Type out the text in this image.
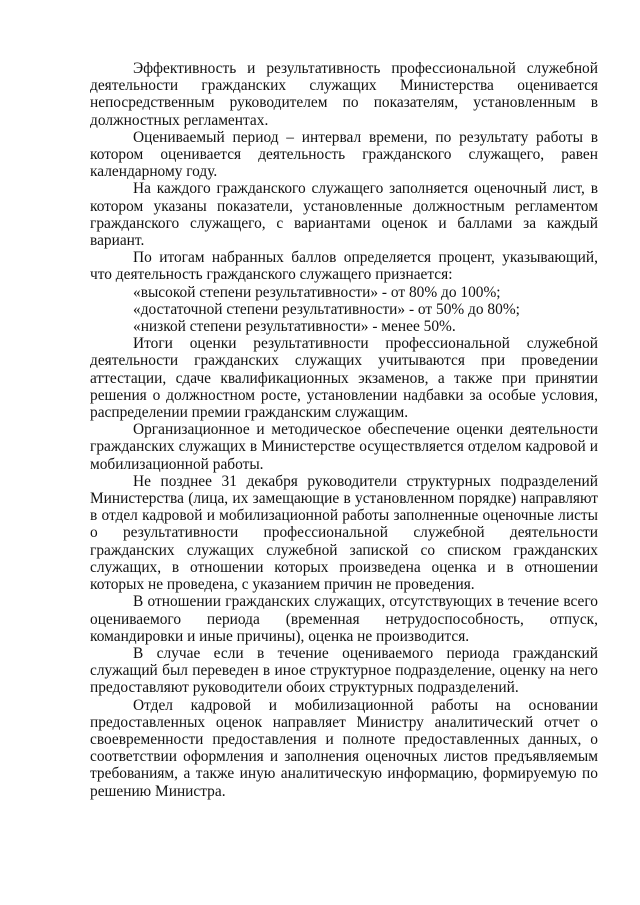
Эффективность и результативность профессиональной служебной деятельности гражданских служащих Министерства оценивается непосредственным руководителем по показателям, установленным в должностных регламентах.

Оцениваемый период – интервал времени, по результату работы в котором оценивается деятельность гражданского служащего, равен календарному году.

На каждого гражданского служащего заполняется оценочный лист, в котором указаны показатели, установленные должностным регламентом гражданского служащего, с вариантами оценок и баллами за каждый вариант.

По итогам набранных баллов определяется процент, указывающий, что деятельность гражданского служащего признается:

«высокой степени результативности» - от 80% до 100%;

«достаточной степени результативности» - от 50% до 80%;

«низкой степени результативности» - менее 50%.

Итоги оценки результативности профессиональной служебной деятельности гражданских служащих учитываются при проведении аттестации, сдаче квалификационных экзаменов, а также при принятии решения о должностном росте, установлении надбавки за особые условия, распределении премии гражданским служащим.

Организационное и методическое обеспечение оценки деятельности гражданских служащих в Министерстве осуществляется отделом кадровой и мобилизационной работы.

Не позднее 31 декабря руководители структурных подразделений Министерства (лица, их замещающие в установленном порядке) направляют в отдел кадровой и мобилизационной работы заполненные оценочные листы о результативности профессиональной служебной деятельности гражданских служащих служебной запиской со списком гражданских служащих, в отношении которых произведена оценка и в отношении которых не проведена, с указанием причин не проведения.

В отношении гражданских служащих, отсутствующих в течение всего оцениваемого периода (временная нетрудоспособность, отпуск, командировки и иные причины), оценка не производится.

В случае если в течение оцениваемого периода гражданский служащий был переведен в иное структурное подразделение, оценку на него предоставляют руководители обоих структурных подразделений.

Отдел кадровой и мобилизационной работы на основании предоставленных оценок направляет Министру аналитический отчет о своевременности предоставления и полноте предоставленных данных, о соответствии оформления и заполнения оценочных листов предъявляемым требованиям, а также иную аналитическую информацию, формируемую по решению Министра.
